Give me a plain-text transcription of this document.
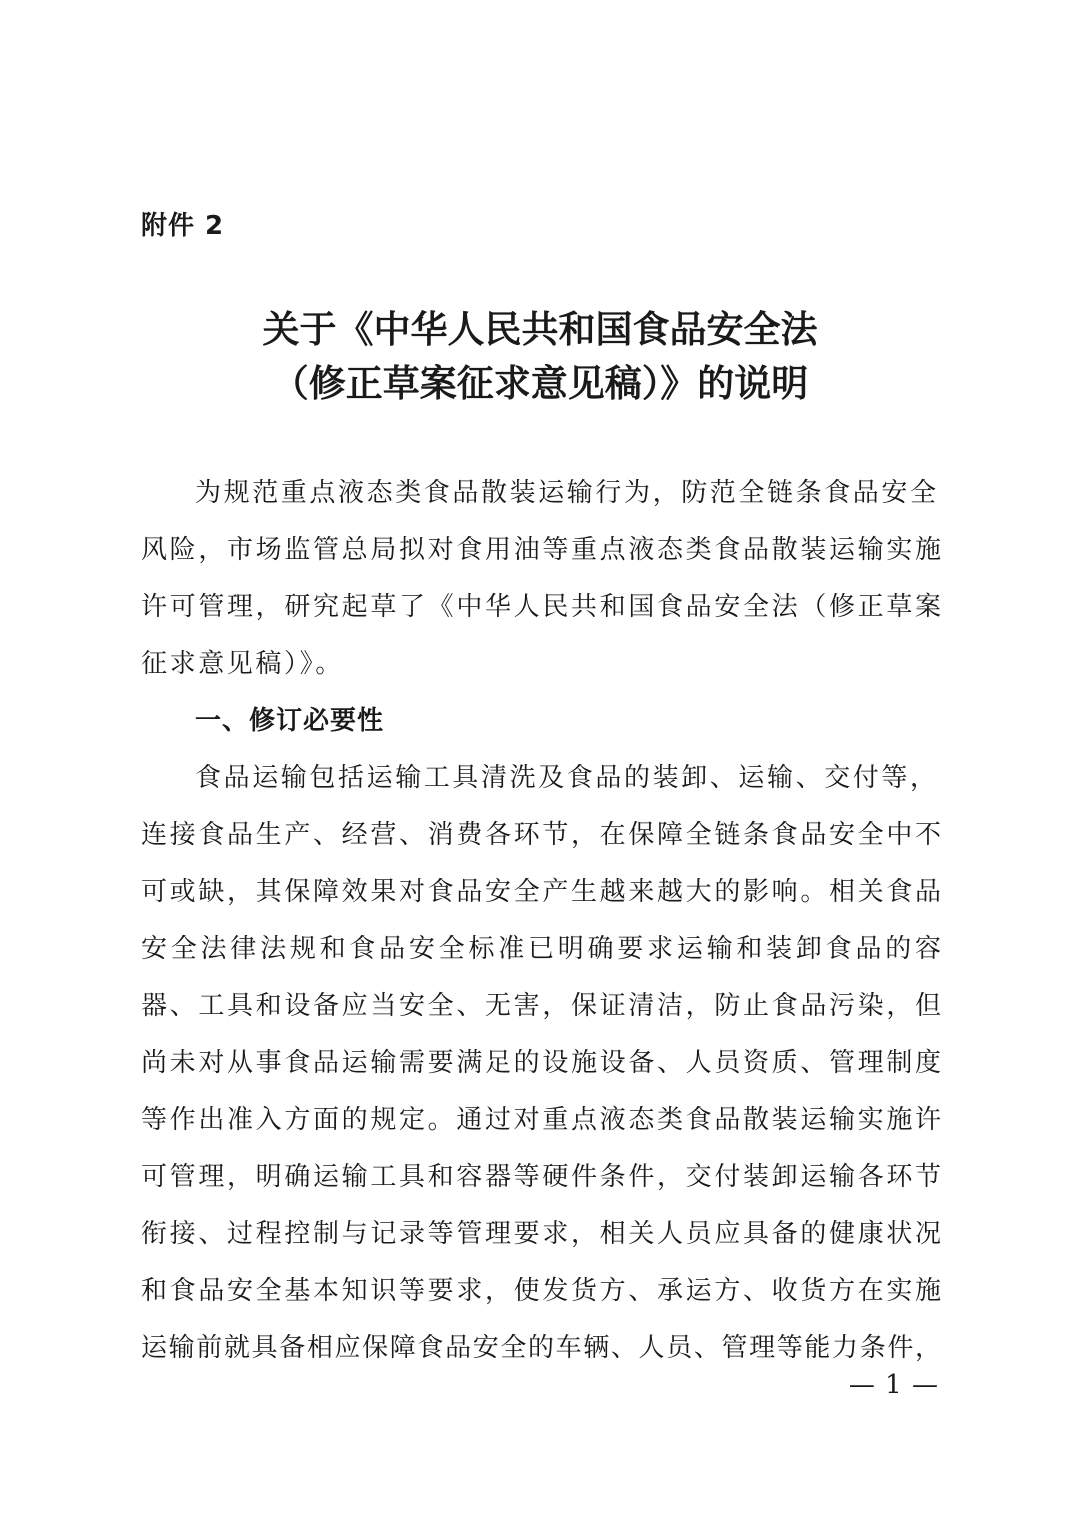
附件 2
关于《中华人民共和国食品安全法
（修正草案征求意见稿）》的说明
为规范重点液态类食品散装运输行为，防范全链条食品安全
风险，市场监管总局拟对食用油等重点液态类食品散装运输实施
许可管理，研究起草了《中华人民共和国食品安全法（修正草案
征求意见稿）》。
一、修订必要性
食品运输包括运输工具清洗及食品的装卸、运输、交付等，
连接食品生产、经营、消费各环节，在保障全链条食品安全中不
可或缺，其保障效果对食品安全产生越来越大的影响。相关食品
安全法律法规和食品安全标准已明确要求运输和装卸食品的容
器、工具和设备应当安全、无害，保证清洁，防止食品污染，但
尚未对从事食品运输需要满足的设施设备、人员资质、管理制度
等作出准入方面的规定。通过对重点液态类食品散装运输实施许
可管理，明确运输工具和容器等硬件条件，交付装卸运输各环节
衔接、过程控制与记录等管理要求，相关人员应具备的健康状况
和食品安全基本知识等要求，使发货方、承运方、收货方在实施
运输前就具备相应保障食品安全的车辆、人员、管理等能力条件，
— 1 —
